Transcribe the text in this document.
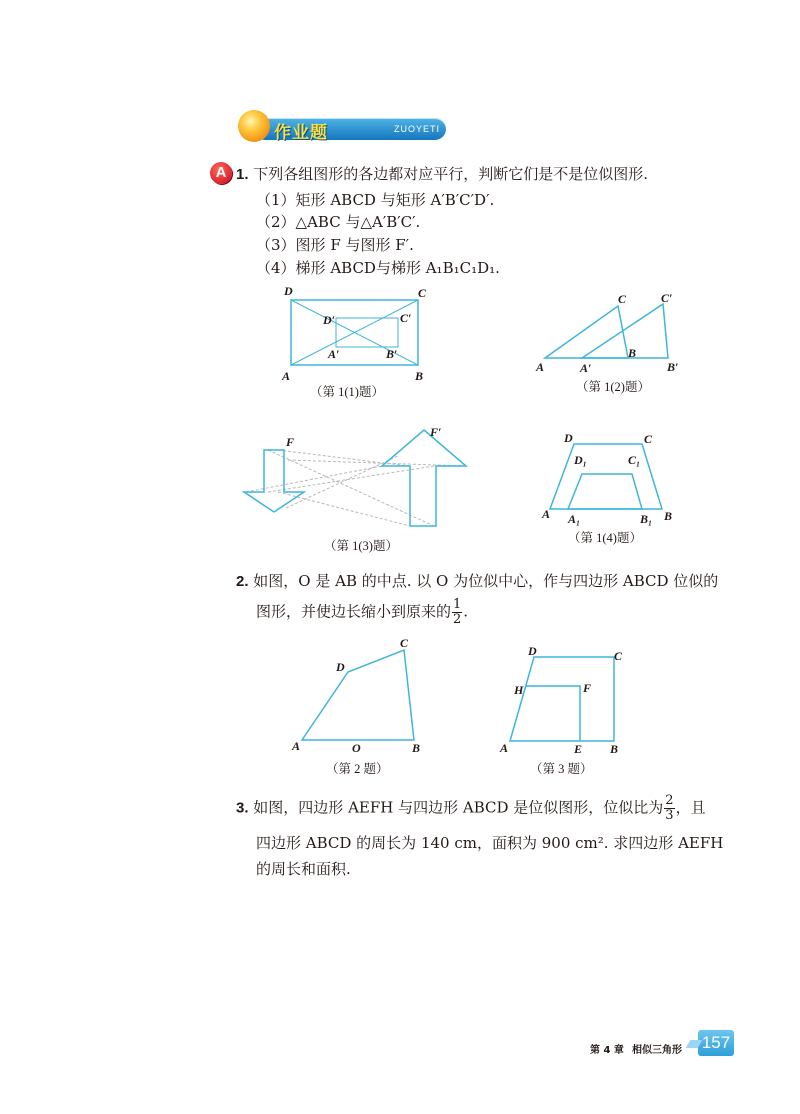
作业题	ZUOYETI
A 1. 下列各组图形的各边都对应平行，判断它们是不是位似图形.
（1）矩形 ABCD 与矩形 A′B′C′D′.
（2）△ABC 与△A′B′C′.
（3）图形 F 与图形 F′.
（4）梯形 ABCD与梯形 A₁B₁C₁D₁.
D	C
A	B
D′	C′
A′	B′
（第 1(1)题）
A
C
B
A′
C′
B′
（第 1(2)题）
F
F′
（第 1(3)题）
D	C
A	B
D₁	C₁
A₁	B₁
（第 1(4)题）
2. 如图，O 是 AB 的中点. 以 O 为位似中心，作与四边形 ABCD 位似的
图形，并使边长缩小到原来的 $\frac{1}{2}$ .
A	B
C
D
O
（第 2 题）
A	B
C
D
E
F
H
（第 3 题）
3. 如图，四边形 AEFH 与四边形 ABCD 是位似图形，位似比为 $\frac{2}{3}$ ，且
四边形 ABCD 的周长为 140 cm，面积为 900 cm². 求四边形 AEFH
的周长和面积.
第 4 章 相似三角形 157
